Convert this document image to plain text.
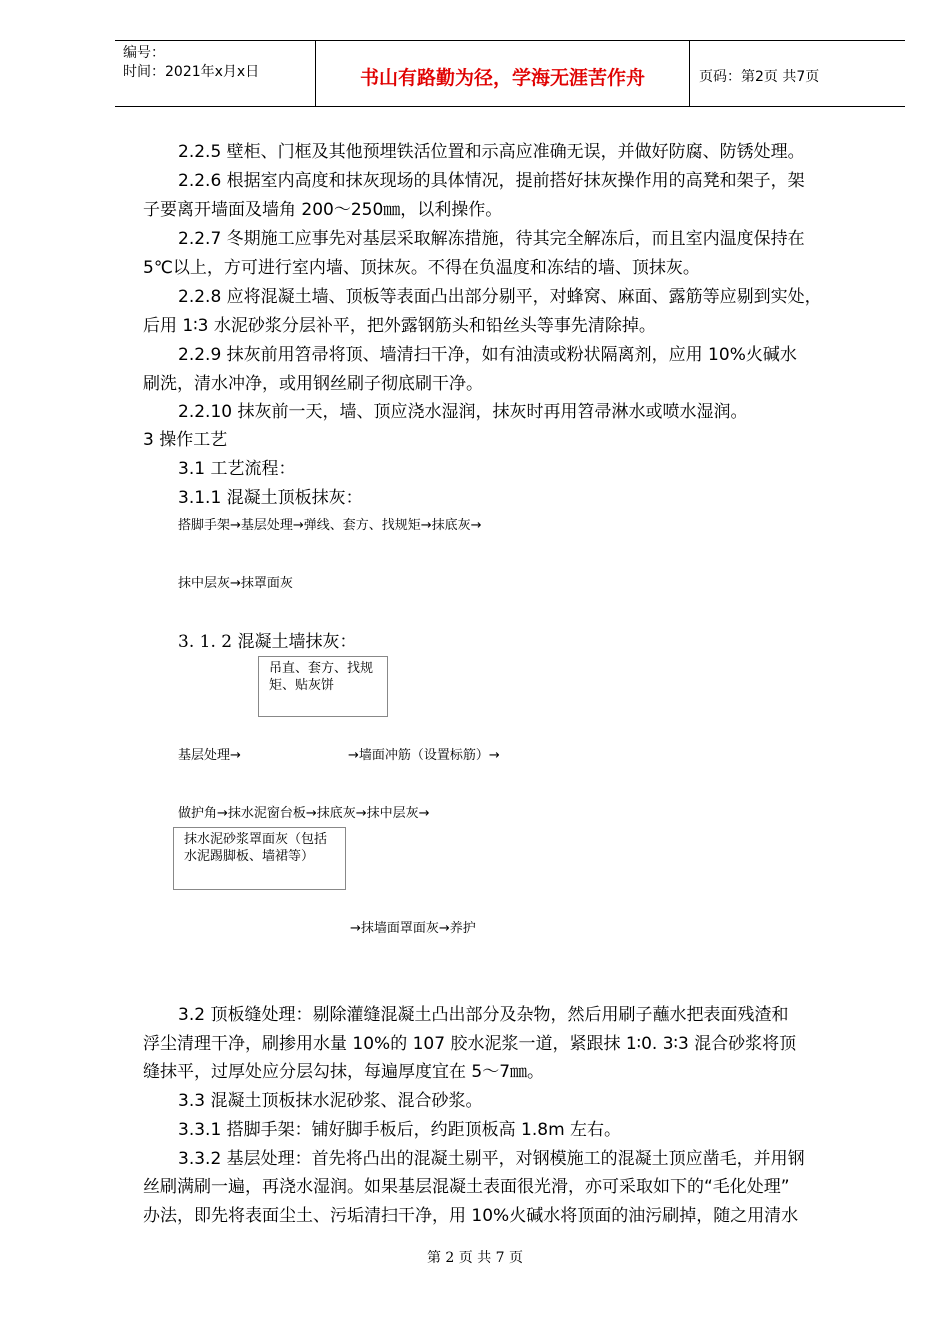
编号：
时间：2021年x月x日	书山有路勤为径，学海无涯苦作舟	页码：第2页 共7页
2.2.5 壁柜、门框及其他预埋铁活位置和示高应准确无误，并做好防腐、防锈处理。
2.2.6 根据室内高度和抹灰现场的具体情况，提前搭好抹灰操作用的高凳和架子，架
子要离开墙面及墙角 200～250㎜，以利操作。
2.2.7 冬期施工应事先对基层采取解冻措施，待其完全解冻后，而且室内温度保持在
5℃以上，方可进行室内墙、顶抹灰。不得在负温度和冻结的墙、顶抹灰。
2.2.8 应将混凝土墙、顶板等表面凸出部分剔平，对蜂窝、麻面、露筋等应剔到实处，
后用 1∶3 水泥砂浆分层补平，把外露钢筋头和铅丝头等事先清除掉。
2.2.9 抹灰前用笤帚将顶、墙清扫干净，如有油渍或粉状隔离剂，应用 10%火碱水
刷洗，清水冲净，或用钢丝刷子彻底刷干净。
2.2.10 抹灰前一天，墙、顶应浇水湿润，抹灰时再用笤帚淋水或喷水湿润。
3 操作工艺
3.1 工艺流程：
3.1.1 混凝土顶板抹灰：
搭脚手架→基层处理→弹线、套方、找规矩→抹底灰→
抹中层灰→抹罩面灰
3. 1. 2 混凝土墙抹灰：
吊直、套方、找规矩、贴灰饼
基层处理→	→墙面冲筋（设置标筋）→
做护角→抹水泥窗台板→抹底灰→抹中层灰→
抹水泥砂浆罩面灰（包括水泥踢脚板、墙裙等）
→抹墙面罩面灰→养护
3.2 顶板缝处理：剔除灌缝混凝土凸出部分及杂物，然后用刷子蘸水把表面残渣和
浮尘清理干净，刷掺用水量 10%的 107 胶水泥浆一道，紧跟抹 1∶0. 3∶3 混合砂浆将顶
缝抹平，过厚处应分层勾抹，每遍厚度宜在 5～7㎜。
3.3 混凝土顶板抹水泥砂浆、混合砂浆。
3.3.1 搭脚手架：铺好脚手板后，约距顶板高 1.8m 左右。
3.3.2 基层处理：首先将凸出的混凝土剔平，对钢模施工的混凝土顶应凿毛，并用钢
丝刷满刷一遍，再浇水湿润。如果基层混凝土表面很光滑，亦可采取如下的“毛化处理”
办法，即先将表面尘土、污垢清扫干净，用 10%火碱水将顶面的油污刷掉，随之用清水
第 2 页 共 7 页
